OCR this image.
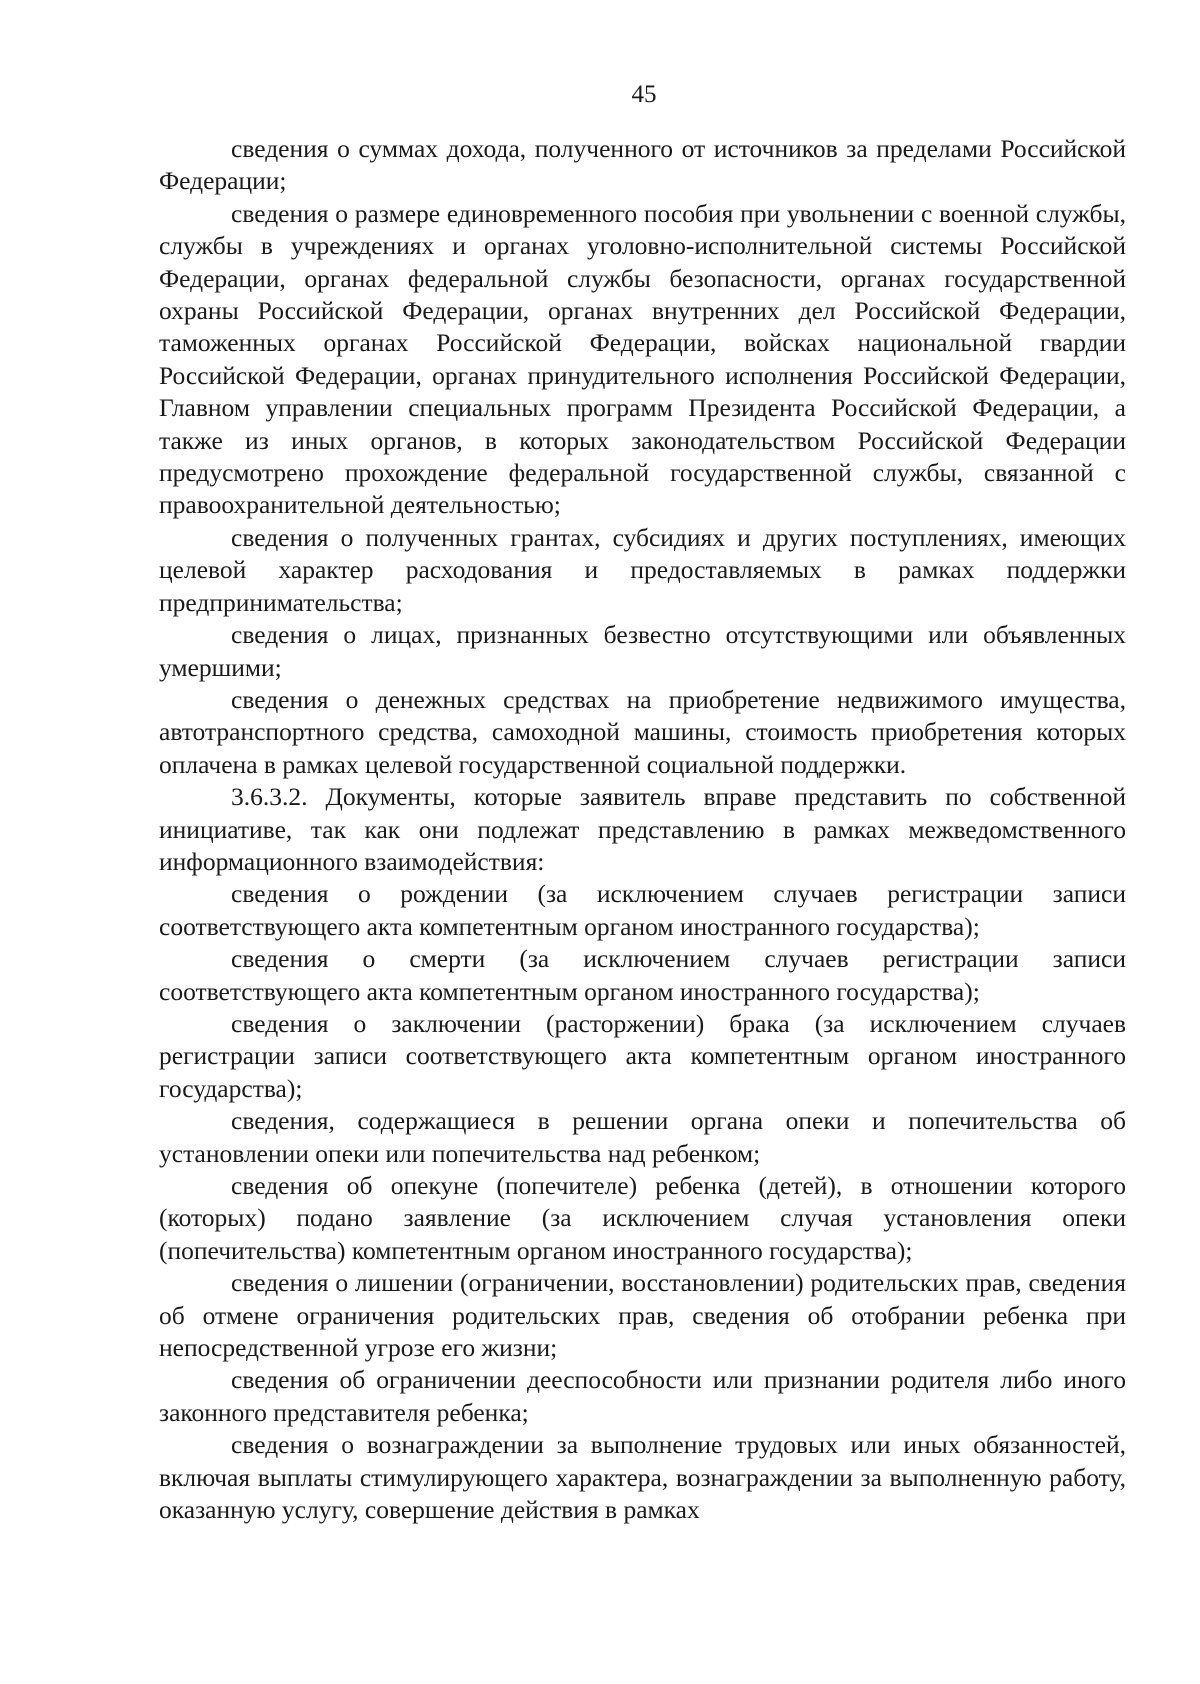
45

сведения о суммах дохода, полученного от источников за пределами Российской Федерации;

сведения о размере единовременного пособия при увольнении с военной службы, службы в учреждениях и органах уголовно-исполнительной системы Российской Федерации, органах федеральной службы безопасности, органах государственной охраны Российской Федерации, органах внутренних дел Российской Федерации, таможенных органах Российской Федерации, войсках национальной гвардии Российской Федерации, органах принудительного исполнения Российской Федерации, Главном управлении специальных программ Президента Российской Федерации, а также из иных органов, в которых законодательством Российской Федерации предусмотрено прохождение федеральной государственной службы, связанной с правоохранительной деятельностью;

сведения о полученных грантах, субсидиях и других поступлениях, имеющих целевой характер расходования и предоставляемых в рамках поддержки предпринимательства;

сведения о лицах, признанных безвестно отсутствующими или объявленных умершими;

сведения о денежных средствах на приобретение недвижимого имущества, автотранспортного средства, самоходной машины, стоимость приобретения которых оплачена в рамках целевой государственной социальной поддержки.

3.6.3.2. Документы, которые заявитель вправе представить по собственной инициативе, так как они подлежат представлению в рамках межведомственного информационного взаимодействия:

сведения о рождении (за исключением случаев регистрации записи соответствующего акта компетентным органом иностранного государства);

сведения о смерти (за исключением случаев регистрации записи соответствующего акта компетентным органом иностранного государства);

сведения о заключении (расторжении) брака (за исключением случаев регистрации записи соответствующего акта компетентным органом иностранного государства);

сведения, содержащиеся в решении органа опеки и попечительства об установлении опеки или попечительства над ребенком;

сведения об опекуне (попечителе) ребенка (детей), в отношении которого (которых) подано заявление (за исключением случая установления опеки (попечительства) компетентным органом иностранного государства);

сведения о лишении (ограничении, восстановлении) родительских прав, сведения об отмене ограничения родительских прав, сведения об отобрании ребенка при непосредственной угрозе его жизни;

сведения об ограничении дееспособности или признании родителя либо иного законного представителя ребенка;

сведения о вознаграждении за выполнение трудовых или иных обязанностей, включая выплаты стимулирующего характера, вознаграждении за выполненную работу, оказанную услугу, совершение действия в рамках
